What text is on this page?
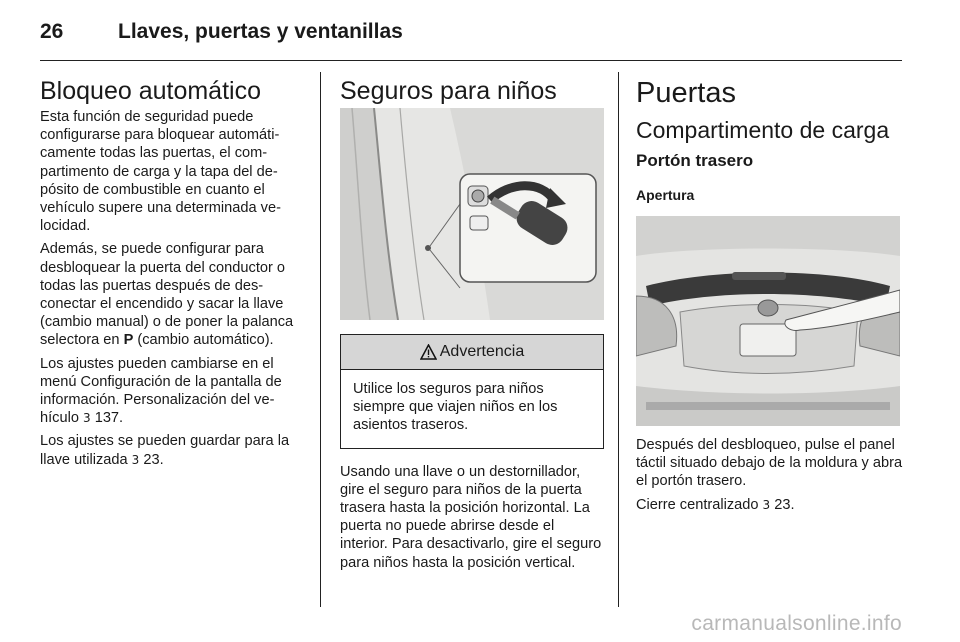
26	Llaves, puertas y ventanillas
Bloqueo automático

Esta función de seguridad puede configurarse para bloquear automáticamente todas las puertas, el compartimento de carga y la tapa del depósito de combustible en cuanto el vehículo supere una determinada velocidad.

Además, se puede configurar para desbloquear la puerta del conductor o todas las puertas después de desconectar el encendido y sacar la llave (cambio manual) o de poner la palanca selectora en P (cambio automático).

Los ajustes pueden cambiarse en el menú Configuración de la pantalla de información. Personalización del vehículo 3 137.

Los ajustes se pueden guardar para la llave utilizada 3 23.

Seguros para niños
Advertencia

Utilice los seguros para niños siempre que viajen niños en los asientos traseros.

Usando una llave o un destornillador, gire el seguro para niños de la puerta trasera hasta la posición horizontal. La puerta no puede abrirse desde el interior. Para desactivarlo, gire el seguro para niños hasta la posición vertical.

Puertas
Compartimento de carga
Portón trasero
Apertura

Después del desbloqueo, pulse el panel táctil situado debajo de la moldura y abra el portón trasero.

Cierre centralizado 3 23.

carmanualsonline.info
